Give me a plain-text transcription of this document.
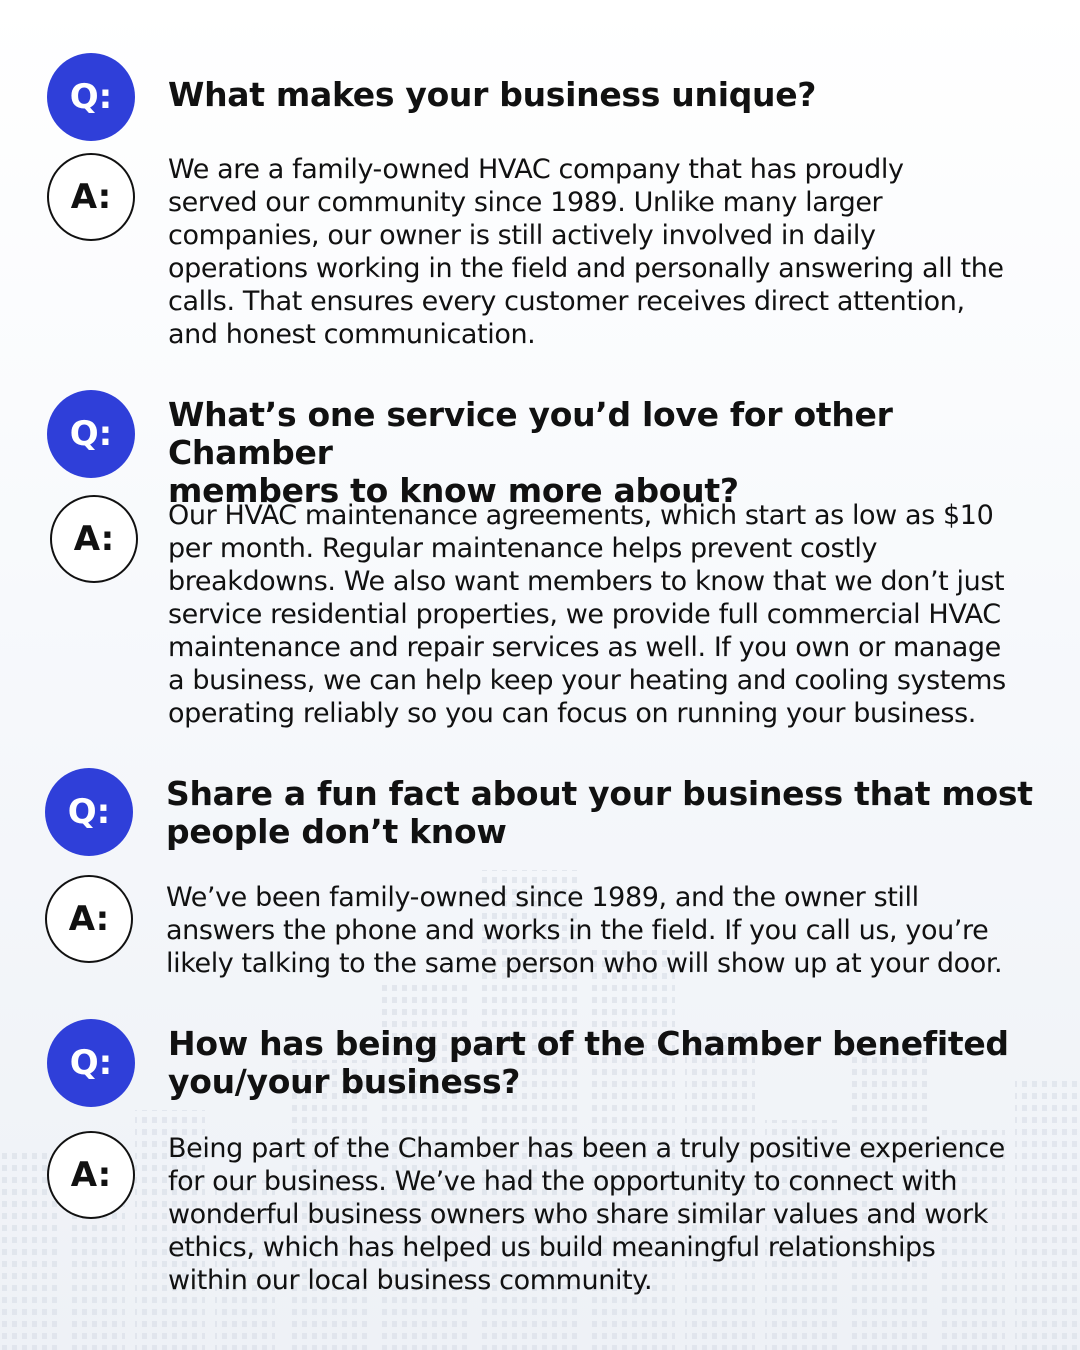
Q:	What makes your business unique?
A:

We are a family-owned HVAC company that has proudly
served our community since 1989. Unlike many larger
companies, our owner is still actively involved in daily
operations working in the field and personally answering all the
calls. That ensures every customer receives direct attention,
and honest communication.

Q:	What’s one service you’d love for other Chamber
members to know more about?
A:

Our HVAC maintenance agreements, which start as low as $10
per month. Regular maintenance helps prevent costly
breakdowns. We also want members to know that we don’t just
service residential properties, we provide full commercial HVAC
maintenance and repair services as well. If you own or manage
a business, we can help keep your heating and cooling systems
operating reliably so you can focus on running your business.

Q:	Share a fun fact about your business that most
people don’t know
A:

We’ve been family-owned since 1989, and the owner still
answers the phone and works in the field. If you call us, you’re
likely talking to the same person who will show up at your door.

Q:	How has being part of the Chamber benefited
you/your business?
A:

Being part of the Chamber has been a truly positive experience
for our business. We’ve had the opportunity to connect with
wonderful business owners who share similar values and work
ethics, which has helped us build meaningful relationships
within our local business community.
